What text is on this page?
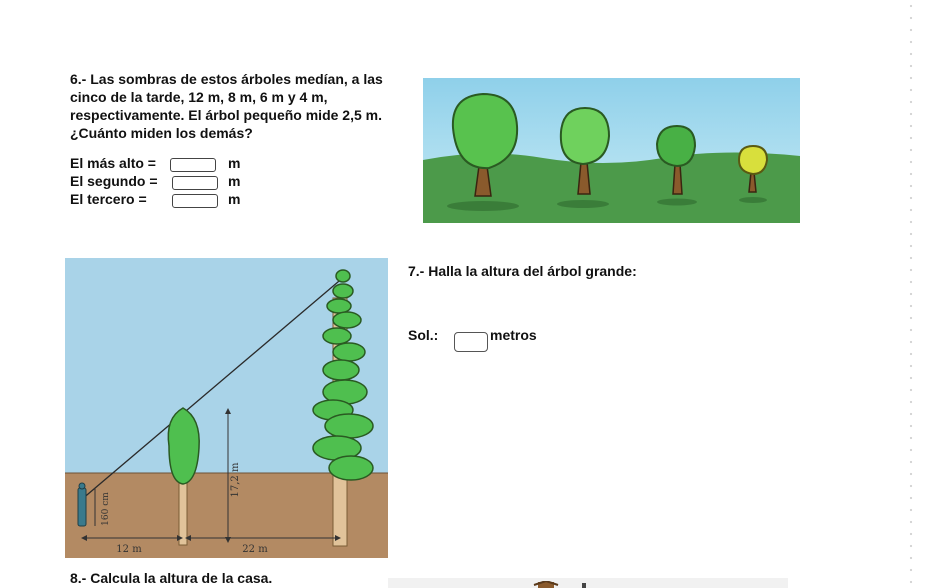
6.- Las sombras de estos árboles medían, a las cinco de la tarde, 12 m, 8 m, 6 m y 4 m, respectivamente. El árbol pequeño mide 2,5 m. ¿Cuánto miden los demás?
El más alto =	m
El segundo =	m
El tercero =	m
17,2 m
160 cm
12 m	22 m
7.- Halla la altura del árbol grande:
Sol.:	metros
8.- Calcula la altura de la casa.
